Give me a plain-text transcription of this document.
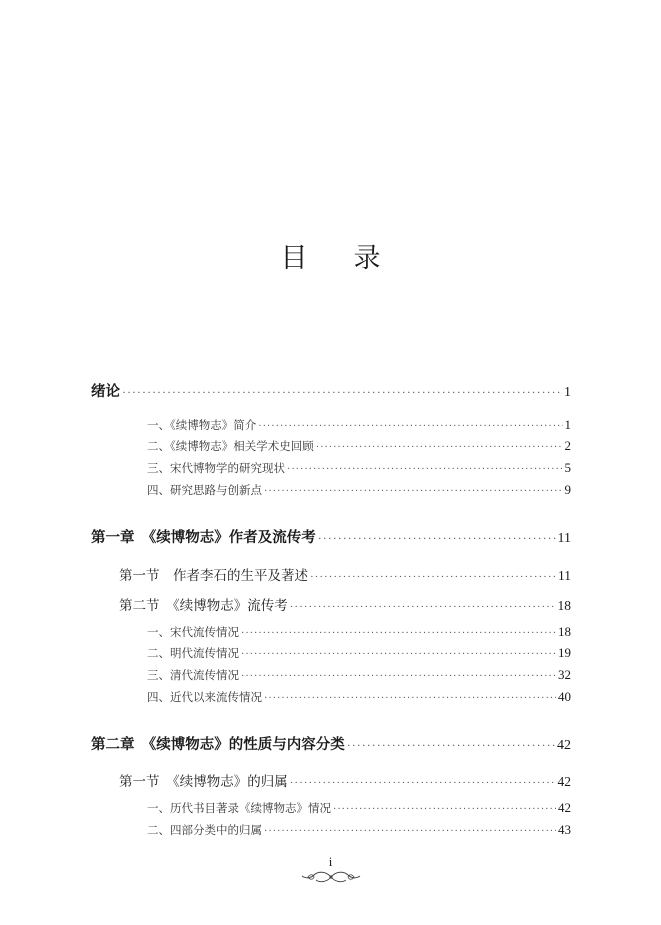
目录
绪论 ·····	1
一、《续博物志》简介 ·····	1
二、《续博物志》相关学术史回顾 ·····	2
三、宋代博物学的研究现状 ·····	5
四、研究思路与创新点 ·····	9
第一章　《续博物志》作者及流传考 ·····	11
第一节　作者李石的生平及著述 ·····	11
第二节　《续博物志》流传考 ·····	18
一、宋代流传情况 ·····	18
二、明代流传情况 ·····	19
三、清代流传情况 ·····	32
四、近代以来流传情况 ·····	40
第二章　《续博物志》的性质与内容分类 ·····	42
第一节　《续博物志》的归属 ·····	42
一、历代书目著录《续博物志》情况 ·····	42
二、四部分类中的归属 ·····	43
i
